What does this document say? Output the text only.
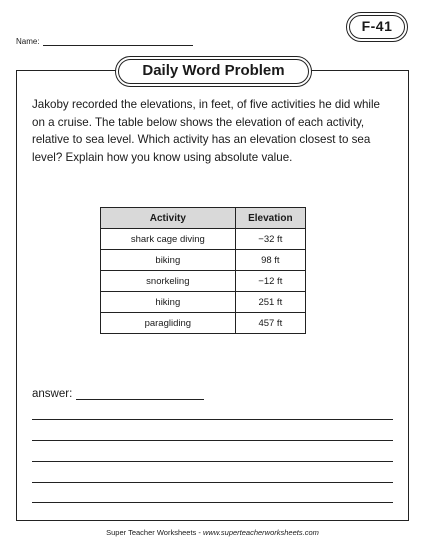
Name:
F-41
Daily Word Problem

Jakoby recorded the elevations, in feet, of five activities he did while on a cruise. The table below shows the elevation of each activity, relative to sea level. Which activity has an elevation closest to sea level? Explain how you know using absolute value.

Activity	Elevation
shark cage diving	−32 ft
biking	98 ft
snorkeling	−12 ft
hiking	251 ft
paragliding	457 ft
answer:
Super Teacher Worksheets - www.superteacherworksheets.com
